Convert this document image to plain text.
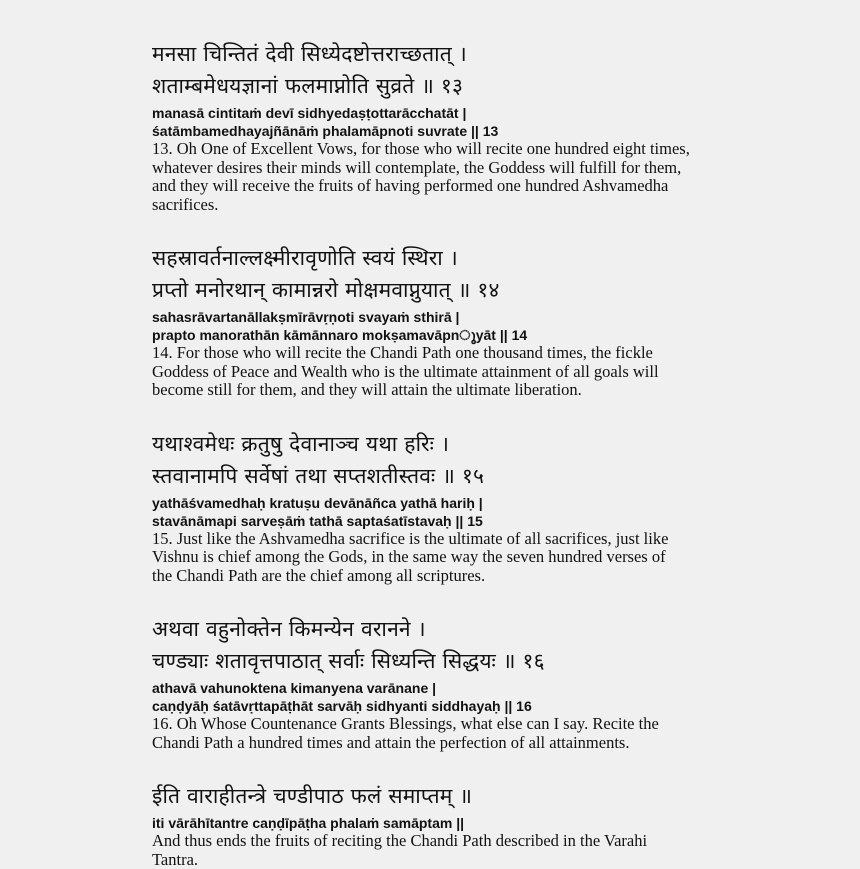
मनसा चिन्तितं देवी सिध्येदष्टोत्तराच्छतात् ।
शताम्बमेधयज्ञानां फलमाप्नोति सुव्रते ॥ १३
manasā cintitaṁ devī sidhyedaṣṭottarācchatāt |
śatāmbamedhayajñānāṁ phalamāpnoti suvrate || 13
13. Oh One of Excellent Vows, for those who will recite one hundred eight times,
whatever desires their minds will contemplate, the Goddess will fulfill for them,
and they will receive the fruits of having performed one hundred Ashvamedha
sacrifices.
सहस्रावर्तनाल्लक्ष्मीरावृणोति स्वयं स्थिरा ।
प्रप्तो मनोरथान् कामान्नरो मोक्षमवाप्नुयात् ॥ १४
sahasrāvartanāllakṣmīrāvṛṇoti svayaṁ sthirā |
prapto manorathān kāmānnaro mokṣamavāpnുyāt || 14
14. For those who will recite the Chandi Path one thousand times, the fickle
Goddess of Peace and Wealth who is the ultimate attainment of all goals will
become still for them, and they will attain the ultimate liberation.
यथाश्वमेधः क्रतुषु देवानाञ्च यथा हरिः ।
स्तवानामपि सर्वेषां तथा सप्तशतीस्तवः ॥ १५
yathāśvamedhaḥ kratuṣu devānāñca yathā hariḥ |
stavānāmapi sarveṣāṁ tathā saptaśatīstavaḥ || 15
15. Just like the Ashvamedha sacrifice is the ultimate of all sacrifices, just like
Vishnu is chief among the Gods, in the same way the seven hundred verses of
the Chandi Path are the chief among all scriptures.
अथवा वहुनोक्तेन किमन्येन वरानने ।
चण्ड्याः शतावृत्तपाठात् सर्वाः सिध्यन्ति सिद्धयः ॥ १६
athavā vahunoktena kimanyena varānane |
caṇḍyāḥ śatāvṛttapāṭhāt sarvāḥ sidhyanti siddhayaḥ || 16
16. Oh Whose Countenance Grants Blessings, what else can I say. Recite the
Chandi Path a hundred times and attain the perfection of all attainments.
ईति वाराहीतन्त्रे चण्डीपाठ फलं समाप्तम् ॥
iti vārāhītantre caṇḍīpāṭha phalaṁ samāptam ||
And thus ends the fruits of reciting the Chandi Path described in the Varahi
Tantra.
